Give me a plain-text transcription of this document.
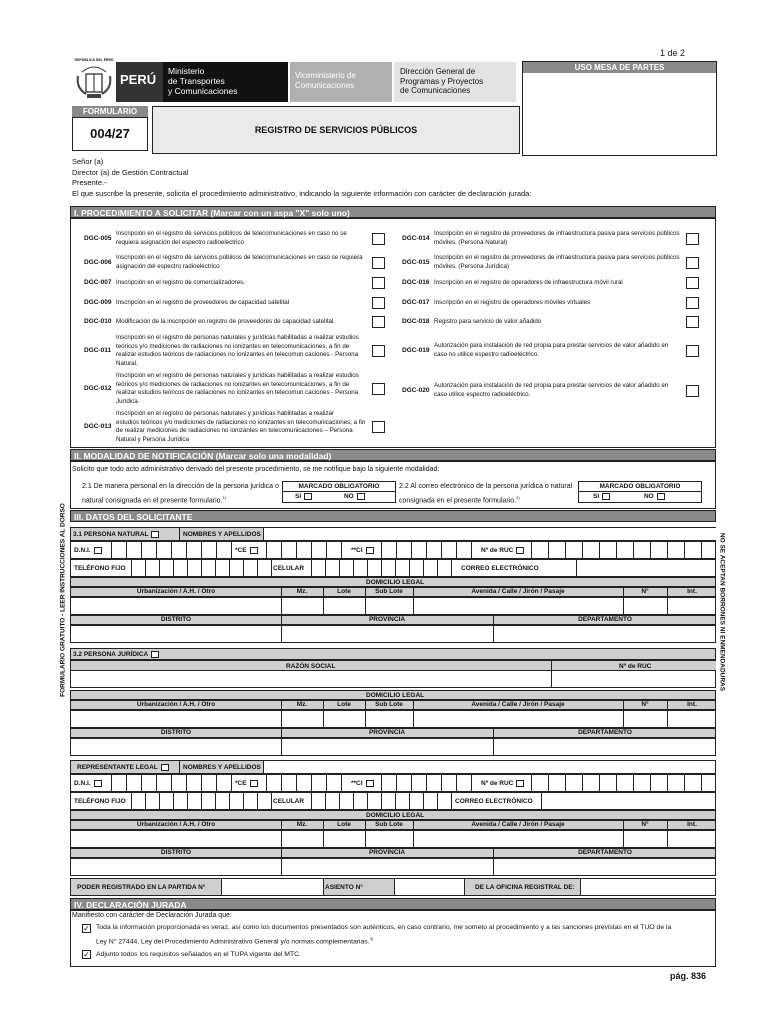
1 de 2
REPÚBLICA DEL PERÚ
PERÚ
Ministerio
de Transportes
y Comunicaciones
Viceministerio de
Comunicaciones
Dirección General de
Programas y Proyectos
de Comunicaciones
USO MESA DE PARTES
FORMULARIO
004/27	REGISTRO DE SERVICIOS PÚBLICOS
Señor (a)
Director (a) de Gestión Contractual
Presente.-
El que suscribe la presente, solicita el procedimiento administrativo, indicando la siguiente información con carácter de declaración jurada:
I. PROCEDIMIENTO A SOLICITAR (Marcar con un aspa "X" solo uno)
DGC-005
Inscripción en el registro de servicios públicos de telecomunicaciones en caso no se
requiera asignación del espectro radioeléctrico
DGC-006
Inscripción en el registro de servicios públicos de telecomunicaciones en caso se requiera
asignación del espectro radioeléctrico
DGC-007 Inscripción en el registro de comercializadores.
DGC-009 Inscripción en el registro de proveedores de capacidad satelital
DGC-010 Modificación de la inscripción en registro de proveedores de capacidad satelital.
DGC-011
Inscripción en el registro de personas naturales y jurídicas habilitadas a realizar estudios
teóricos y/o mediciones de radiaciones no ionizantes en telecomunicaciones, a fin de
realizar estudios teóricos de radiaciones no ionizantes en telecomun caciones - Persona
Natural.
DGC-012
Inscripción en el registro de personas naturales y jurídicas habilitadas a realizar estudios
teóricos y/o mediciones de radiaciones no ionizantes en telecomunicaciones, a fin de
realizar estudios teóricos de radiaciones no ionizantes en telecomun caciones - Persona
Jurídica.
DGC-013
Inscripción en el registro de personas naturales y jurídicas habilitadas a realizar
estudios teóricos y/o mediciones de radiaciones no ionizantes en telecomunicaciones, a fin
de realizar mediciones de radiaciones no ionizantes en telecomunicaciones – Persona
Natural y Persona Jurídica
DGC-014
Inscripción en el registro de proveedores de infraestructura pasiva para servicios públicos
móviles. (Persona Natural)
DGC-015
Inscripción en el registro de proveedores de infraestructura pasiva para servicios públicos
móviles. (Persona Jurídica)
DGC-016 Inscripción en el registro de operadores de infraestructura móvil rural
DGC-017 Inscripción en el registro de operadores móviles virtuales
DGC-018 Registro para servicio de valor añadido
DGC-019
Autorización para instalación de red propia para prestar servicios de valor añadido en
caso no utilice espectro radioeléctrico.
DGC-020
Autorización para instalación de red propia para prestar servicios de valor añadido en
caso utilice espectro radioeléctrico.
II. MODALIDAD DE NOTIFICACIÓN (Marcar solo una modalidad)
Solicito que todo acto administrativo derivado del presente procedimiento, se me notifique bajo la siguiente modalidad:
2.1 De manera personal en la dirección de la persona jurídica o
natural consignada en el presente formulario.$^{1)}$
MARCADO OBLIGATORIO
SI	NO
2.2 Al correo electrónico de la persona jurídica o natural
consignada en el presente formulario.$^{2)}$
MARCADO OBLIGATORIO
SI	NO
III. DATOS DEL SOLICITANTE
3.1 PERSONA NATURAL	NOMBRES Y APELLIDOS
D.N.I.	*CE	**CI	Nº de RUC
TELÉFONO FIJO	CELULAR	CORREO ELECTRÓNICO
DOMICILIO LEGAL
Urbanización / A.H. / Otro	Mz.	Lote	Sub Lote	Avenida / Calle / Jirón / Pasaje	N°	Int.
DISTRITO	PROVINCIA	DEPARTAMENTO
3.2 PERSONA JURÍDICA
RAZÓN SOCIAL	Nº de RUC
DOMICILIO LEGAL
Urbanización / A.H. / Otro	Mz.	Lote	Sub Lote	Avenida / Calle / Jirón / Pasaje	N°	Int.
DISTRITO	PROVINCIA	DEPARTAMENTO
REPRESENTANTE LEGAL	NOMBRES Y APELLIDOS
D.N.I.	*CE	**CI	Nº de RUC
TELÉFONO FIJO	CELULAR	CORREO ELECTRÓNICO
DOMICILIO LEGAL
Urbanización / A.H. / Otro	Mz.	Lote	Sub Lote	Avenida / Calle / Jirón / Pasaje	N°	Int.
DISTRITO	PROVINCIA	DEPARTAMENTO
PODER REGISTRADO EN LA PARTIDA N°	ASIENTO N°	DE LA OFICINA REGISTRAL DE:
IV. DECLARACIÓN JURADA
Manifiesto con carácter de Declaración Jurada que:
✓ Toda la información proporcionada es veraz, así como los documentos presentados son auténticos, en caso contrario, me someto al procedimiento y a las sanciones previstas en el TUO de la
Ley N° 27444, Ley del Procedimiento Administrativo General y/o normas complementarias.$^{3)}$
✓ Adjunto todos los requisitos señalados en el TUPA vigente del MTC.
pág. 836
FORMULARIO GRATUITO - LEER INSTRUCCIONES AL DORSO	NO SE ACEPTAN BORRONES NI ENMENDADURAS
